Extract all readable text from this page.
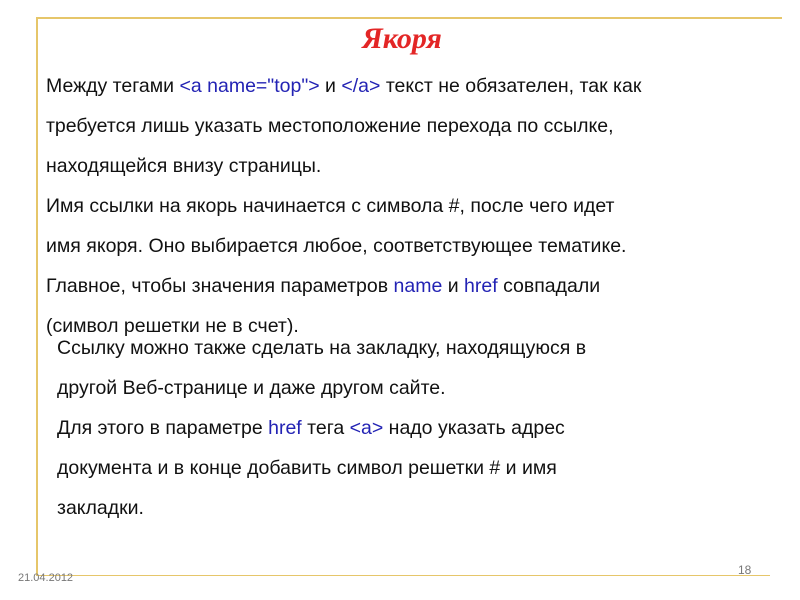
Якоря
Между тегами <a name="top"> и </a> текст не обязателен, так как
требуется лишь указать местоположение перехода по ссылке,
находящейся внизу страницы.
Имя ссылки на якорь начинается с символа #, после чего идет
имя якоря. Оно выбирается любое, соответствующее тематике.
Главное, чтобы значения параметров name и href совпадали
(символ решетки не в счет).
Ссылку можно также сделать на закладку, находящуюся в
другой Веб-странице и даже другом сайте.
Для этого в параметре href тега <a> надо указать адрес
документа и в конце добавить символ решетки # и имя
закладки.
21.04.2012
18
